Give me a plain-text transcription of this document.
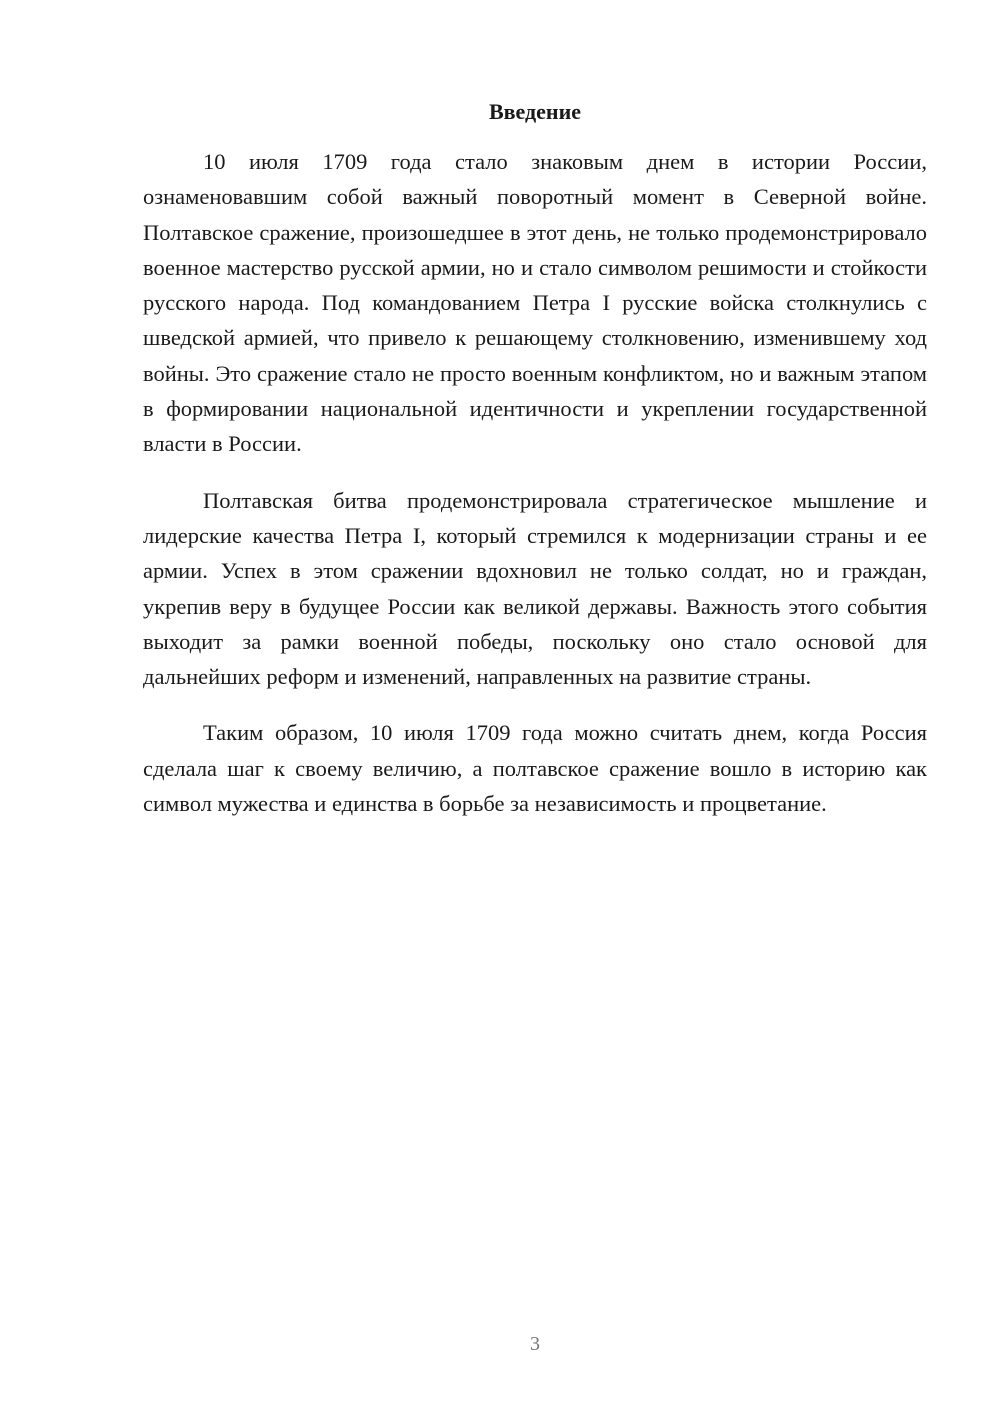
Введение

10 июля 1709 года стало знаковым днем в истории России, ознаменовавшим собой важный поворотный момент в Северной войне. Полтавское сражение, произошедшее в этот день, не только продемонстрировало военное мастерство русской армии, но и стало символом решимости и стойкости русского народа. Под командованием Петра I русские войска столкнулись с шведской армией, что привело к решающему столкновению, изменившему ход войны. Это сражение стало не просто военным конфликтом, но и важным этапом в формировании национальной идентичности и укреплении государственной власти в России.

Полтавская битва продемонстрировала стратегическое мышление и лидерские качества Петра I, который стремился к модернизации страны и ее армии. Успех в этом сражении вдохновил не только солдат, но и граждан, укрепив веру в будущее России как великой державы. Важность этого события выходит за рамки военной победы, поскольку оно стало основой для дальнейших реформ и изменений, направленных на развитие страны.

Таким образом, 10 июля 1709 года можно считать днем, когда Россия сделала шаг к своему величию, а полтавское сражение вошло в историю как символ мужества и единства в борьбе за независимость и процветание.

3
